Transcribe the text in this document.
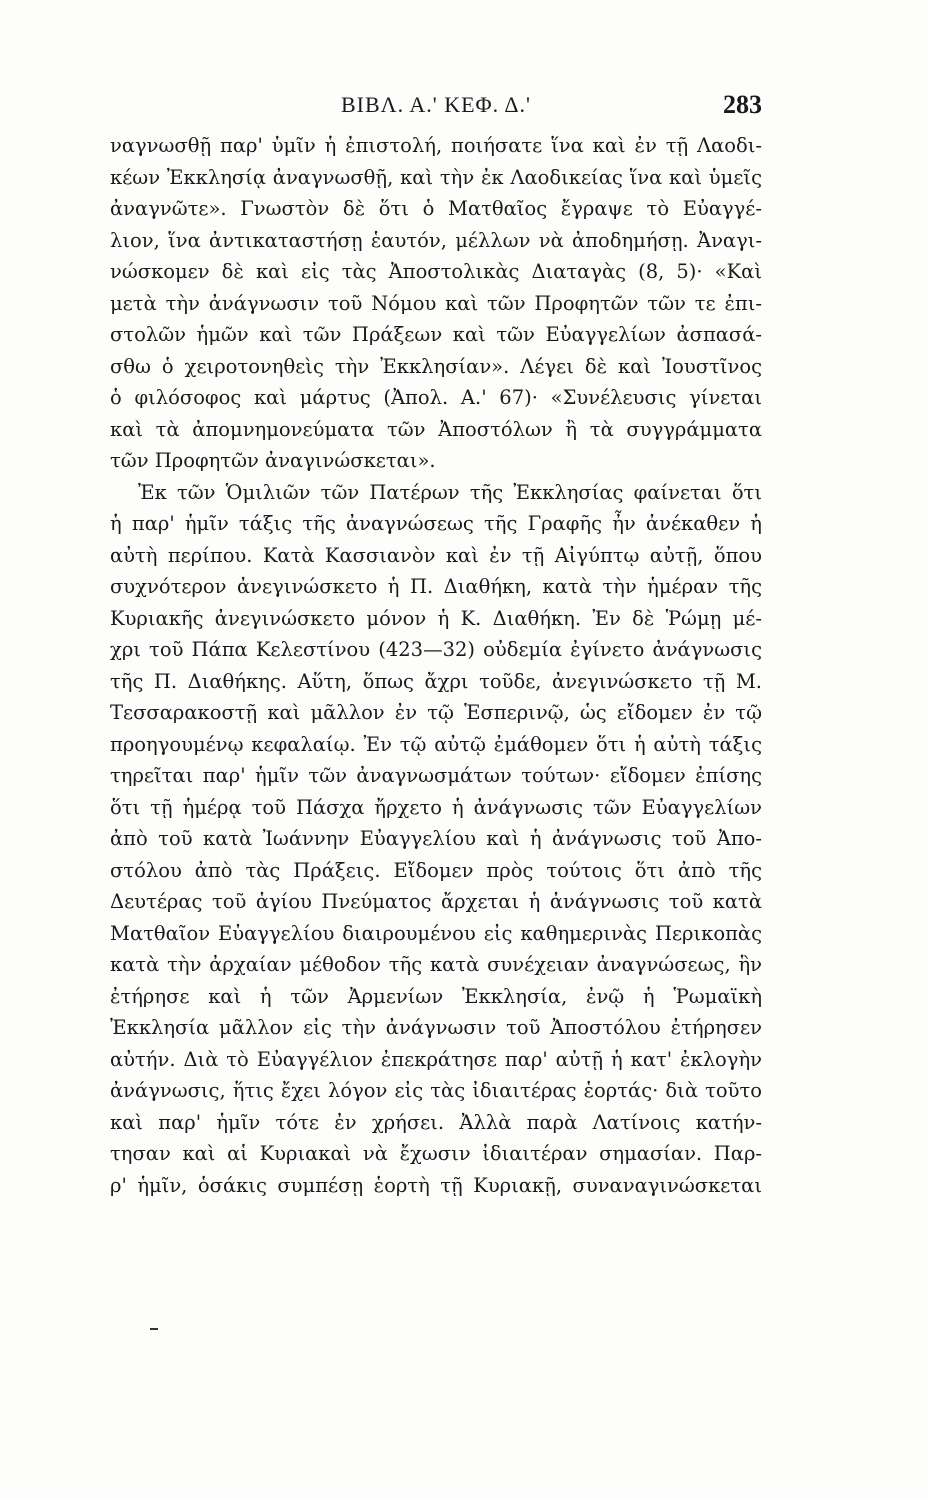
ΒΙΒΛ. Α.' ΚΕΦ. Δ.'	283
ναγνωσθῇ παρ' ὑμῖν ἡ ἐπιστολή, ποιήσατε ἵνα καὶ ἐν τῇ Λαοδι-
κέων Ἐκκλησίᾳ ἀναγνωσθῇ, καὶ τὴν ἐκ Λαοδικείας ἵνα καὶ ὑμεῖς
ἀναγνῶτε». Γνωστὸν δὲ ὅτι ὁ Ματθαῖος ἔγραψε τὸ Εὐαγγέ-
λιον, ἵνα ἀντικαταστήσῃ ἑαυτόν, μέλλων νὰ ἀποδημήσῃ. Ἀναγι-
νώσκομεν δὲ καὶ εἰς τὰς Ἀποστολικὰς Διαταγὰς (8, 5)· «Καὶ
μετὰ τὴν ἀνάγνωσιν τοῦ Νόμου καὶ τῶν Προφητῶν τῶν τε ἐπι-
στολῶν ἡμῶν καὶ τῶν Πράξεων καὶ τῶν Εὐαγγελίων ἀσπασά-
σθω ὁ χειροτονηθεὶς τὴν Ἐκκλησίαν». Λέγει δὲ καὶ Ἰουστῖνος
ὁ φιλόσοφος καὶ μάρτυς (Ἀπολ. Α.' 67)· «Συνέλευσις γίνεται
καὶ τὰ ἀπομνημονεύματα τῶν Ἀποστόλων ἢ τὰ συγγράμματα
τῶν Προφητῶν ἀναγινώσκεται».
Ἐκ τῶν Ὁμιλιῶν τῶν Πατέρων τῆς Ἐκκλησίας φαίνεται ὅτι
ἡ παρ' ἡμῖν τάξις τῆς ἀναγνώσεως τῆς Γραφῆς ἦν ἀνέκαθεν ἡ
αὐτὴ περίπου. Κατὰ Κασσιανὸν καὶ ἐν τῇ Αἰγύπτῳ αὐτῇ, ὅπου
συχνότερον ἀνεγινώσκετο ἡ Π. Διαθήκη, κατὰ τὴν ἡμέραν τῆς
Κυριακῆς ἀνεγινώσκετο μόνον ἡ Κ. Διαθήκη. Ἐν δὲ Ῥώμῃ μέ-
χρι τοῦ Πάπα Κελεστίνου (423—32) οὐδεμία ἐγίνετο ἀνάγνωσις
τῆς Π. Διαθήκης. Αὕτη, ὅπως ἄχρι τοῦδε, ἀνεγινώσκετο τῇ Μ.
Τεσσαρακοστῇ καὶ μᾶλλον ἐν τῷ Ἑσπερινῷ, ὡς εἴδομεν ἐν τῷ
προηγουμένῳ κεφαλαίῳ. Ἐν τῷ αὐτῷ ἐμάθομεν ὅτι ἡ αὐτὴ τάξις
τηρεῖται παρ' ἡμῖν τῶν ἀναγνωσμάτων τούτων· εἴδομεν ἐπίσης
ὅτι τῇ ἡμέρᾳ τοῦ Πάσχα ἤρχετο ἡ ἀνάγνωσις τῶν Εὐαγγελίων
ἀπὸ τοῦ κατὰ Ἰωάννην Εὐαγγελίου καὶ ἡ ἀνάγνωσις τοῦ Ἀπο-
στόλου ἀπὸ τὰς Πράξεις. Εἴδομεν πρὸς τούτοις ὅτι ἀπὸ τῆς
Δευτέρας τοῦ ἁγίου Πνεύματος ἄρχεται ἡ ἀνάγνωσις τοῦ κατὰ
Ματθαῖον Εὐαγγελίου διαιρουμένου εἰς καθημερινὰς Περικοπὰς
κατὰ τὴν ἀρχαίαν μέθοδον τῆς κατὰ συνέχειαν ἀναγνώσεως, ἣν
ἐτήρησε καὶ ἡ τῶν Ἀρμενίων Ἐκκλησία, ἐνῷ ἡ Ῥωμαϊκὴ
Ἐκκλησία μᾶλλον εἰς τὴν ἀνάγνωσιν τοῦ Ἀποστόλου ἐτήρησεν
αὐτήν. Διὰ τὸ Εὐαγγέλιον ἐπεκράτησε παρ' αὐτῇ ἡ κατ' ἐκλογὴν
ἀνάγνωσις, ἥτις ἔχει λόγον εἰς τὰς ἰδιαιτέρας ἑορτάς· διὰ τοῦτο
καὶ παρ' ἡμῖν τότε ἐν χρήσει. Ἀλλὰ παρὰ Λατίνοις κατήν-
τησαν καὶ αἱ Κυριακαὶ νὰ ἔχωσιν ἰδιαιτέραν σημασίαν. Παρ-
ρ' ἡμῖν, ὁσάκις συμπέσῃ ἑορτὴ τῇ Κυριακῇ, συναναγινώσκεται
